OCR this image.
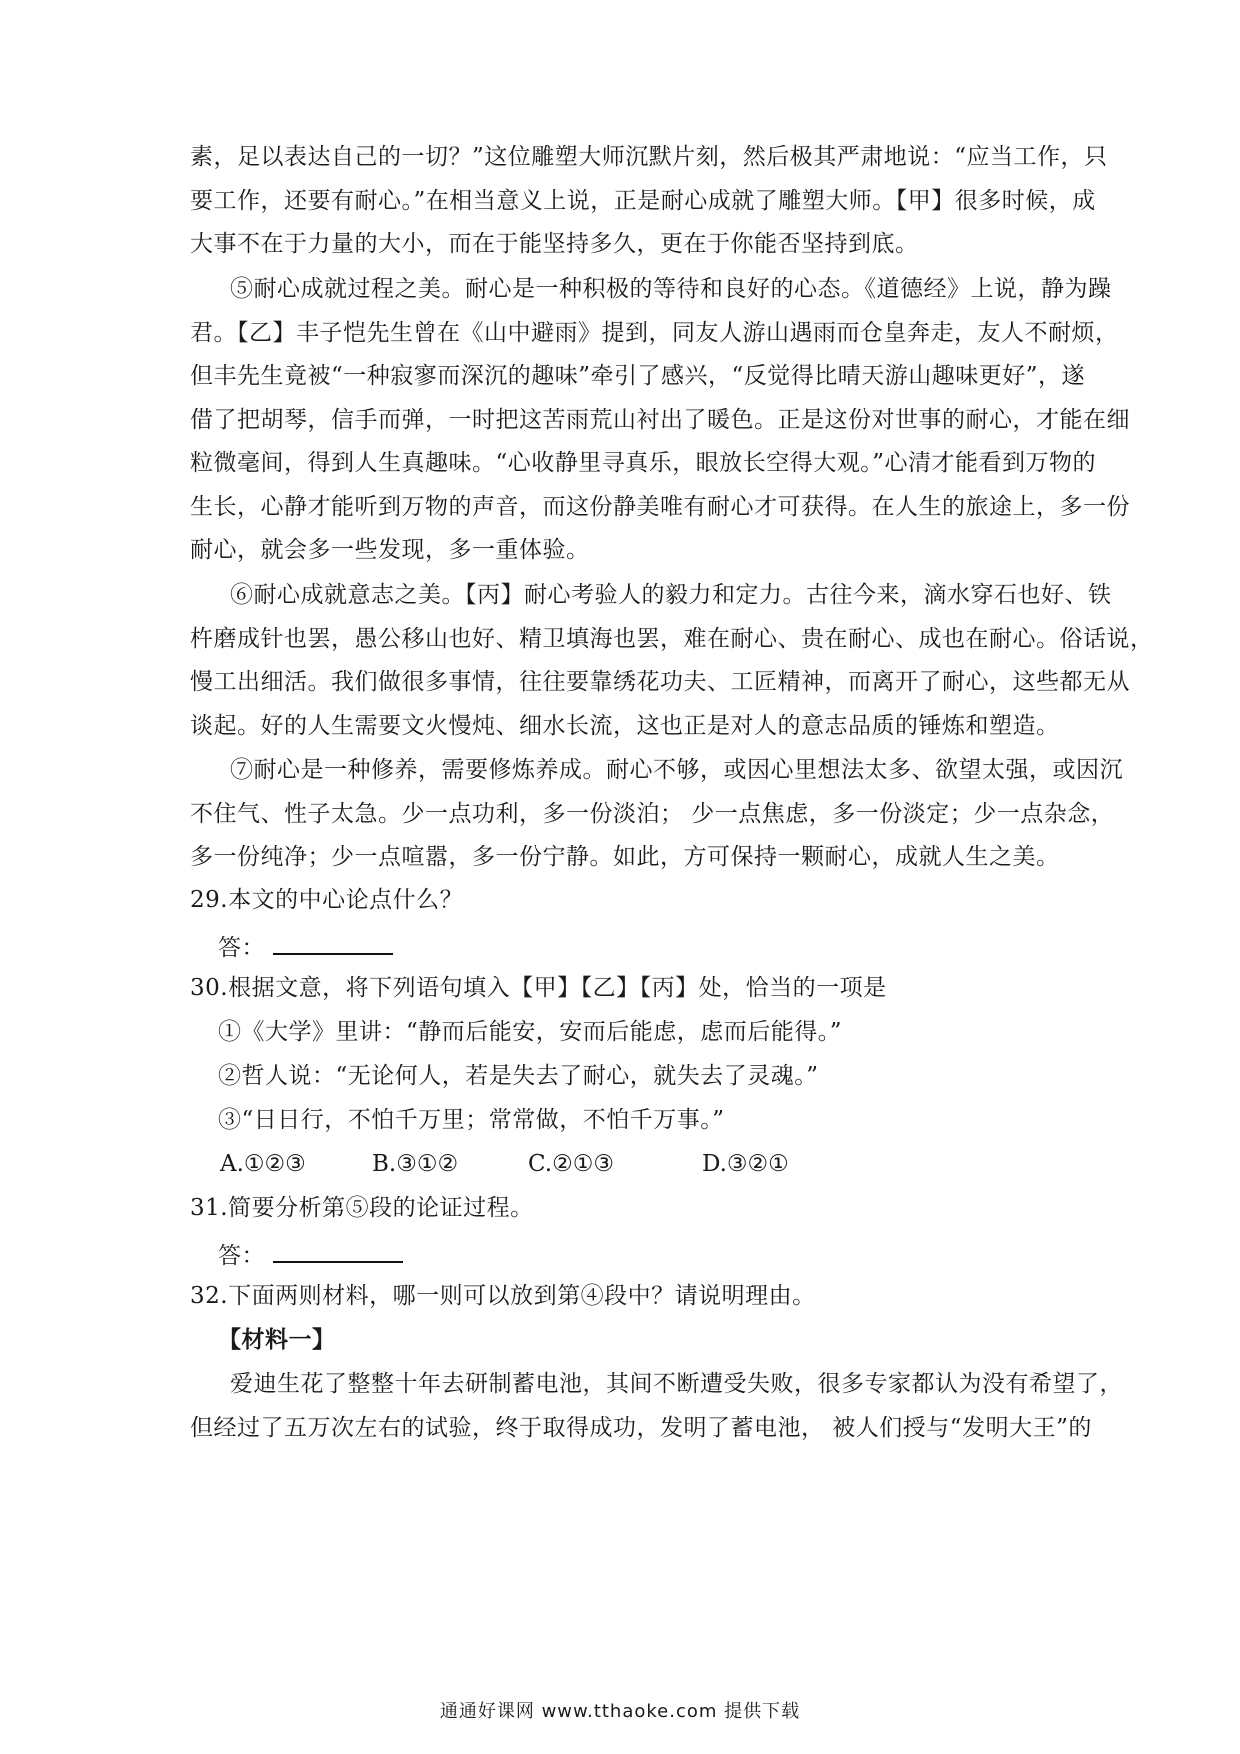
素，足以表达自己的一切？”这位雕塑大师沉默片刻，然后极其严肃地说：“应当工作，只
要工作，还要有耐心。”在相当意义上说，正是耐心成就了雕塑大师。【甲】很多时候，成
大事不在于力量的大小，而在于能坚持多久，更在于你能否坚持到底。
⑤耐心成就过程之美。耐心是一种积极的等待和良好的心态。《道德经》上说，静为躁
君。【乙】丰子恺先生曾在《山中避雨》提到，同友人游山遇雨而仓皇奔走，友人不耐烦，
但丰先生竟被“一种寂寥而深沉的趣味”牵引了感兴，“反觉得比晴天游山趣味更好”，遂
借了把胡琴，信手而弹，一时把这苦雨荒山衬出了暖色。正是这份对世事的耐心，才能在细
粒微毫间，得到人生真趣味。“心收静里寻真乐，眼放长空得大观。”心清才能看到万物的
生长，心静才能听到万物的声音，而这份静美唯有耐心才可获得。在人生的旅途上，多一份
耐心，就会多一些发现，多一重体验。
⑥耐心成就意志之美。【丙】耐心考验人的毅力和定力。古往今来，滴水穿石也好、铁
杵磨成针也罢，愚公移山也好、精卫填海也罢，难在耐心、贵在耐心、成也在耐心。俗话说，
慢工出细活。我们做很多事情，往往要靠绣花功夫、工匠精神，而离开了耐心，这些都无从
谈起。好的人生需要文火慢炖、细水长流，这也正是对人的意志品质的锤炼和塑造。
⑦耐心是一种修养，需要修炼养成。耐心不够，或因心里想法太多、欲望太强，或因沉
不住气、性子太急。少一点功利，多一份淡泊； 少一点焦虑，多一份淡定；少一点杂念，
多一份纯净；少一点喧嚣，多一份宁静。如此，方可保持一颗耐心，成就人生之美。
29.本文的中心论点什么？
答：
30.根据文意，将下列语句填入【甲】【乙】【丙】处，恰当的一项是
①《大学》里讲：“静而后能安，安而后能虑，虑而后能得。”
②哲人说：“无论何人，若是失去了耐心，就失去了灵魂。”
③“日日行，不怕千万里；常常做，不怕千万事。”
A.①②③	B.③①②	C.②①③	D.③②①
31.简要分析第⑤段的论证过程。
答：
32.下面两则材料，哪一则可以放到第④段中？请说明理由。
【材料一】
爱迪生花了整整十年去研制蓄电池，其间不断遭受失败，很多专家都认为没有希望了，
但经过了五万次左右的试验，终于取得成功，发明了蓄电池， 被人们授与“发明大王”的
通通好课网 www.tthaoke.com 提供下载
